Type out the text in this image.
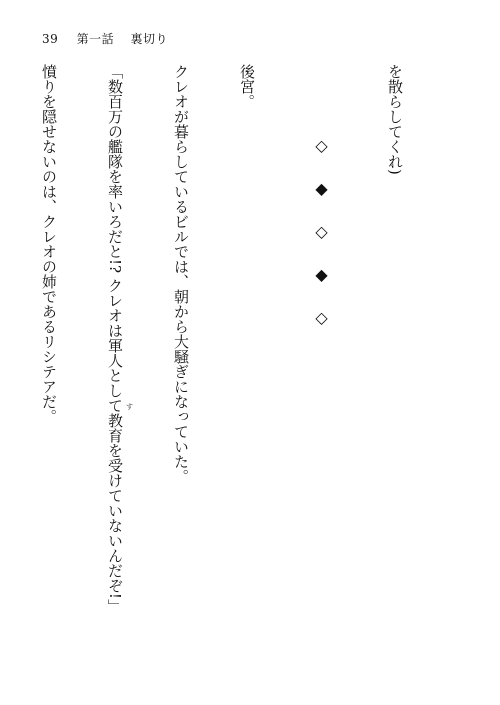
39 第一話 裏切り

を散らしてくれ)

◇◆◇◆◇

後宮。

クレオが暮らしているビルでは、朝から大騒ぎになっていた。

「数百万の艦隊を率いろだと!? クレオは軍人として教育を受けていないんだぞ!」

憤りを隠せないのは、クレオの姉であるリシテアだ。

	す
